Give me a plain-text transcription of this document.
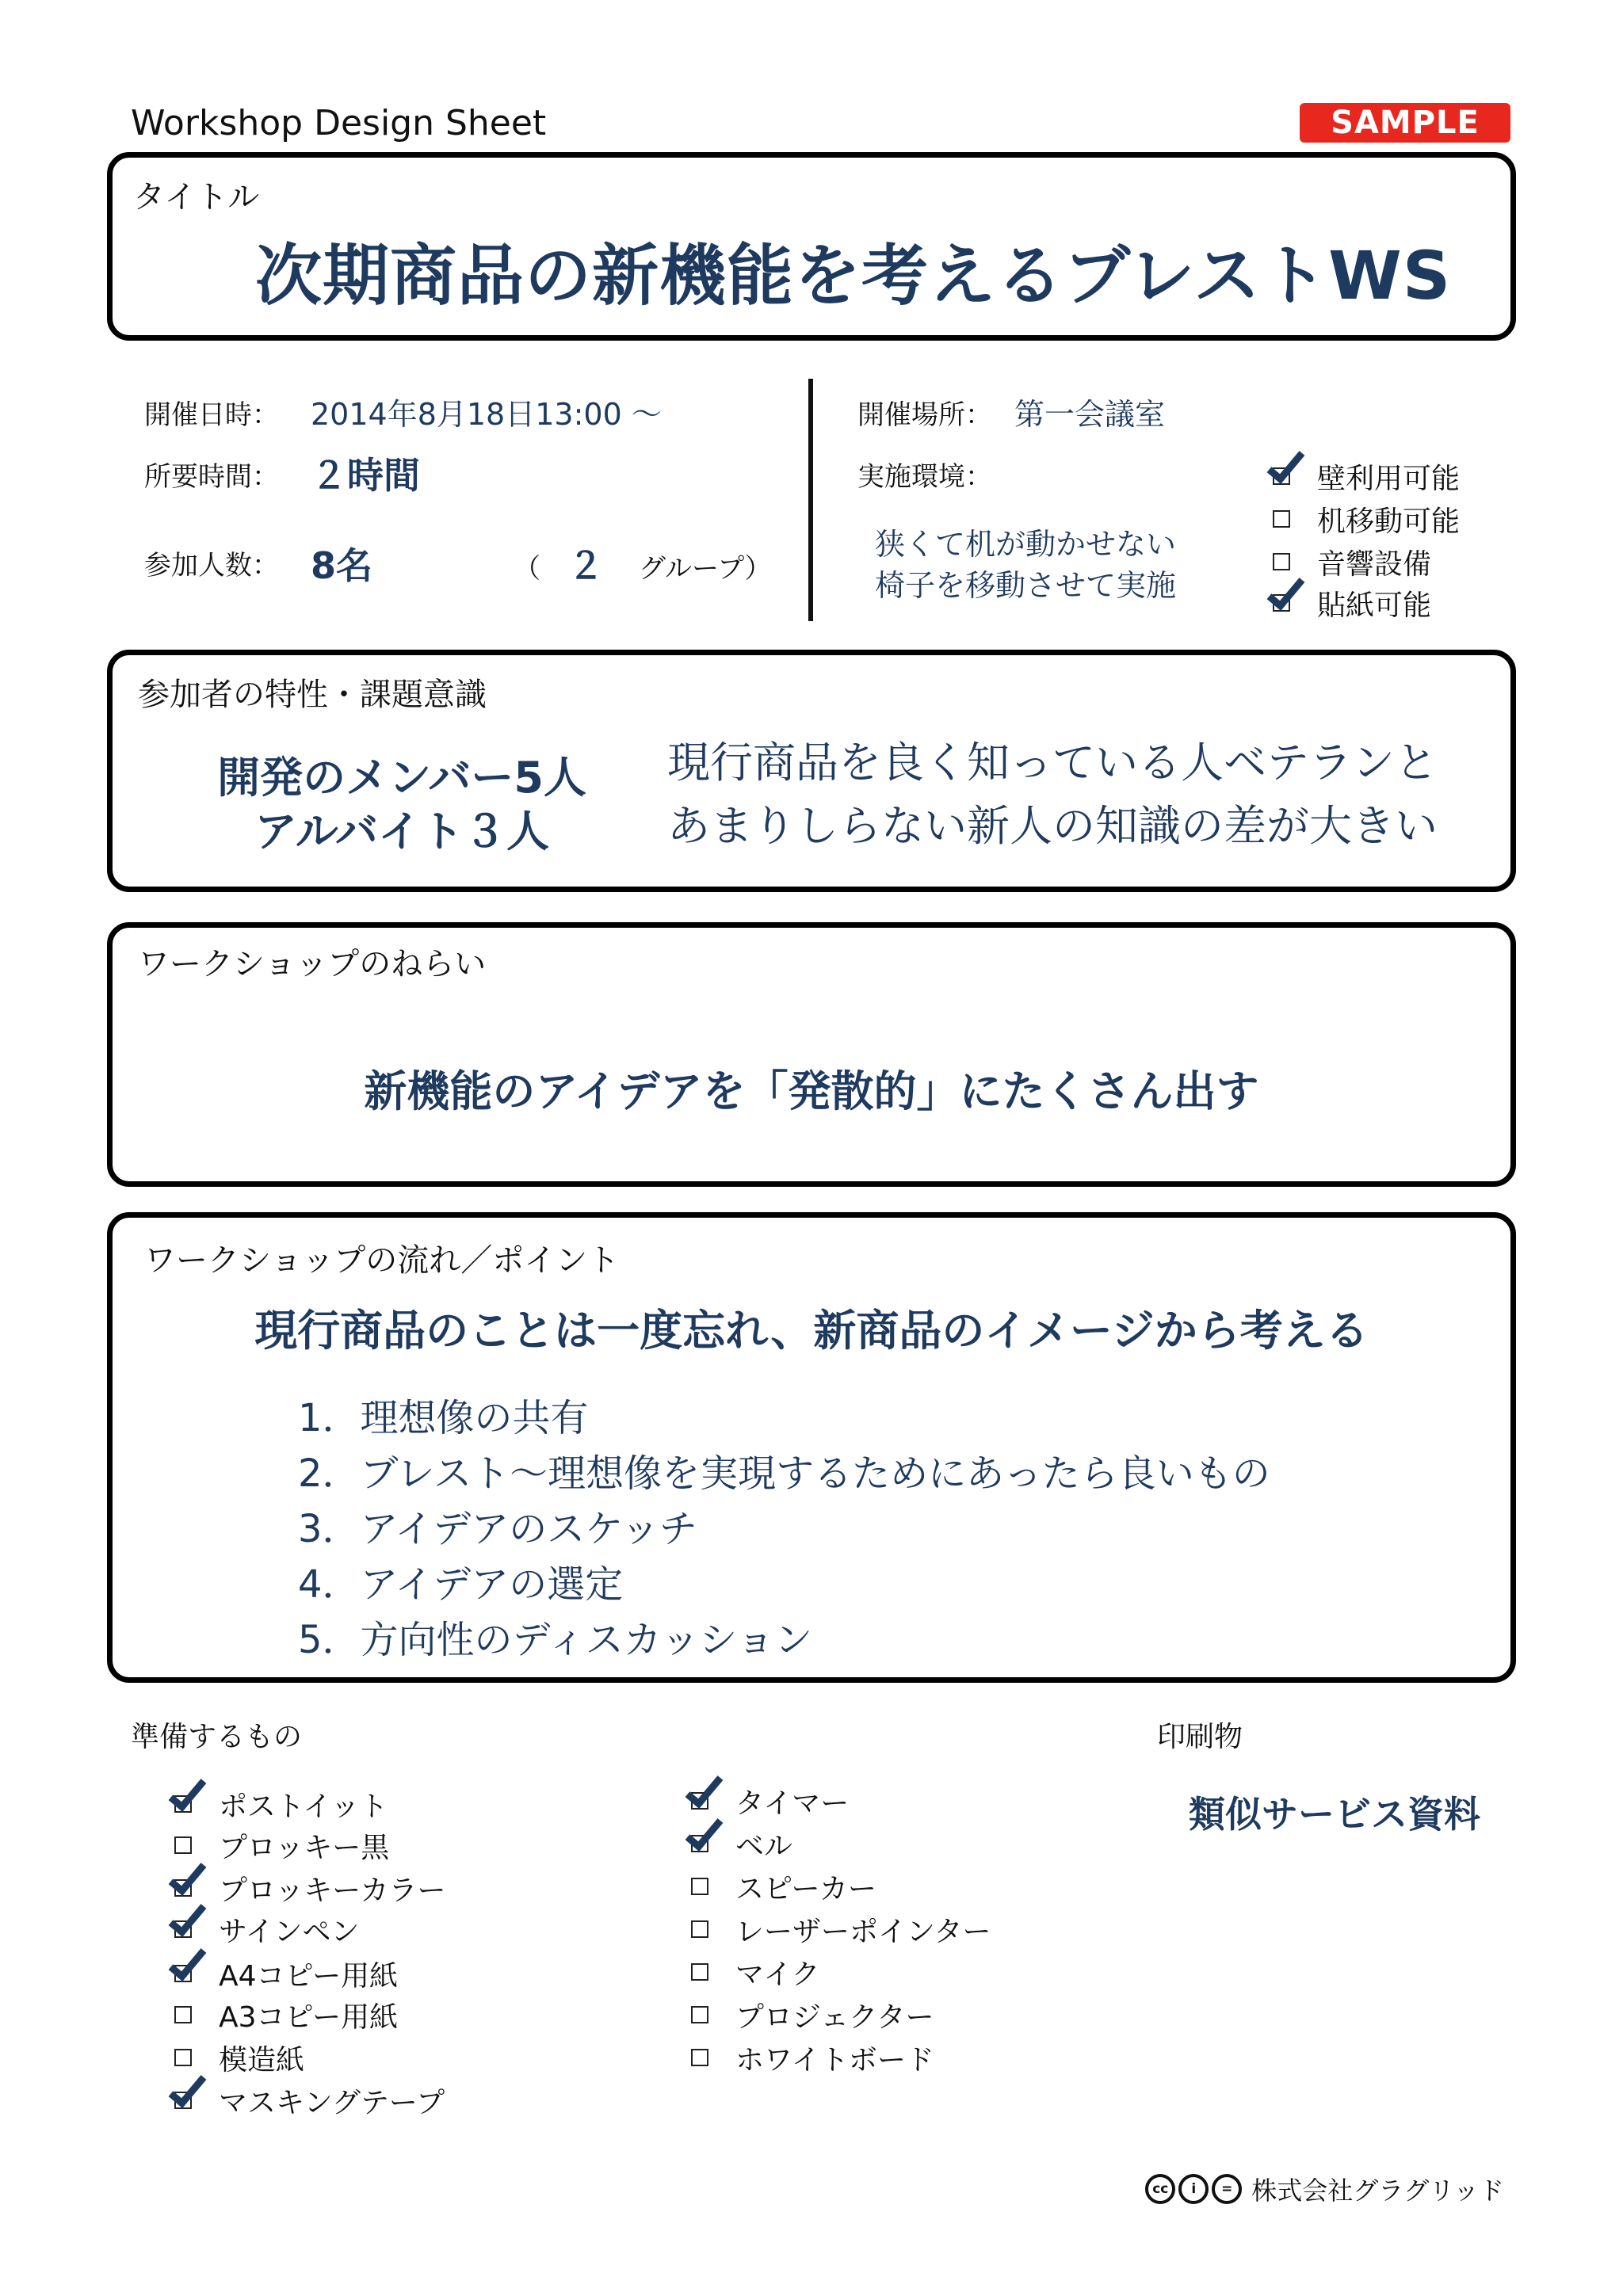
Workshop Design Sheet	SAMPLE
タイトル
次期商品の新機能を考えるブレストWS
開催日時： 2014年8月18日13:00 ～
所要時間： ２時間
参加人数： 8名	（ ２ グループ）
開催場所： 第一会議室
実施環境：
狭くて机が動かせない
椅子を移動させて実施
壁利用可能
机移動可能
音響設備
貼紙可能
参加者の特性・課題意識
開発のメンバー5人
アルバイト３人
現行商品を良く知っている人ベテランと
あまりしらない新人の知識の差が大きい
ワークショップのねらい
新機能のアイデアを「発散的」にたくさん出す
ワークショップの流れ／ポイント
現行商品のことは一度忘れ、新商品のイメージから考える
1．理想像の共有
2．ブレスト～理想像を実現するためにあったら良いもの
3．アイデアのスケッチ
4．アイデアの選定
5．方向性のディスカッション
準備するもの
ポストイット
プロッキー黒
プロッキーカラー
サインペン
A4コピー用紙
A3コピー用紙
模造紙
マスキングテープ
タイマー
ベル
スピーカー
レーザーポインター
マイク
プロジェクター
ホワイトボード
印刷物
類似サービス資料
cc	i	= 株式会社グラグリッド
